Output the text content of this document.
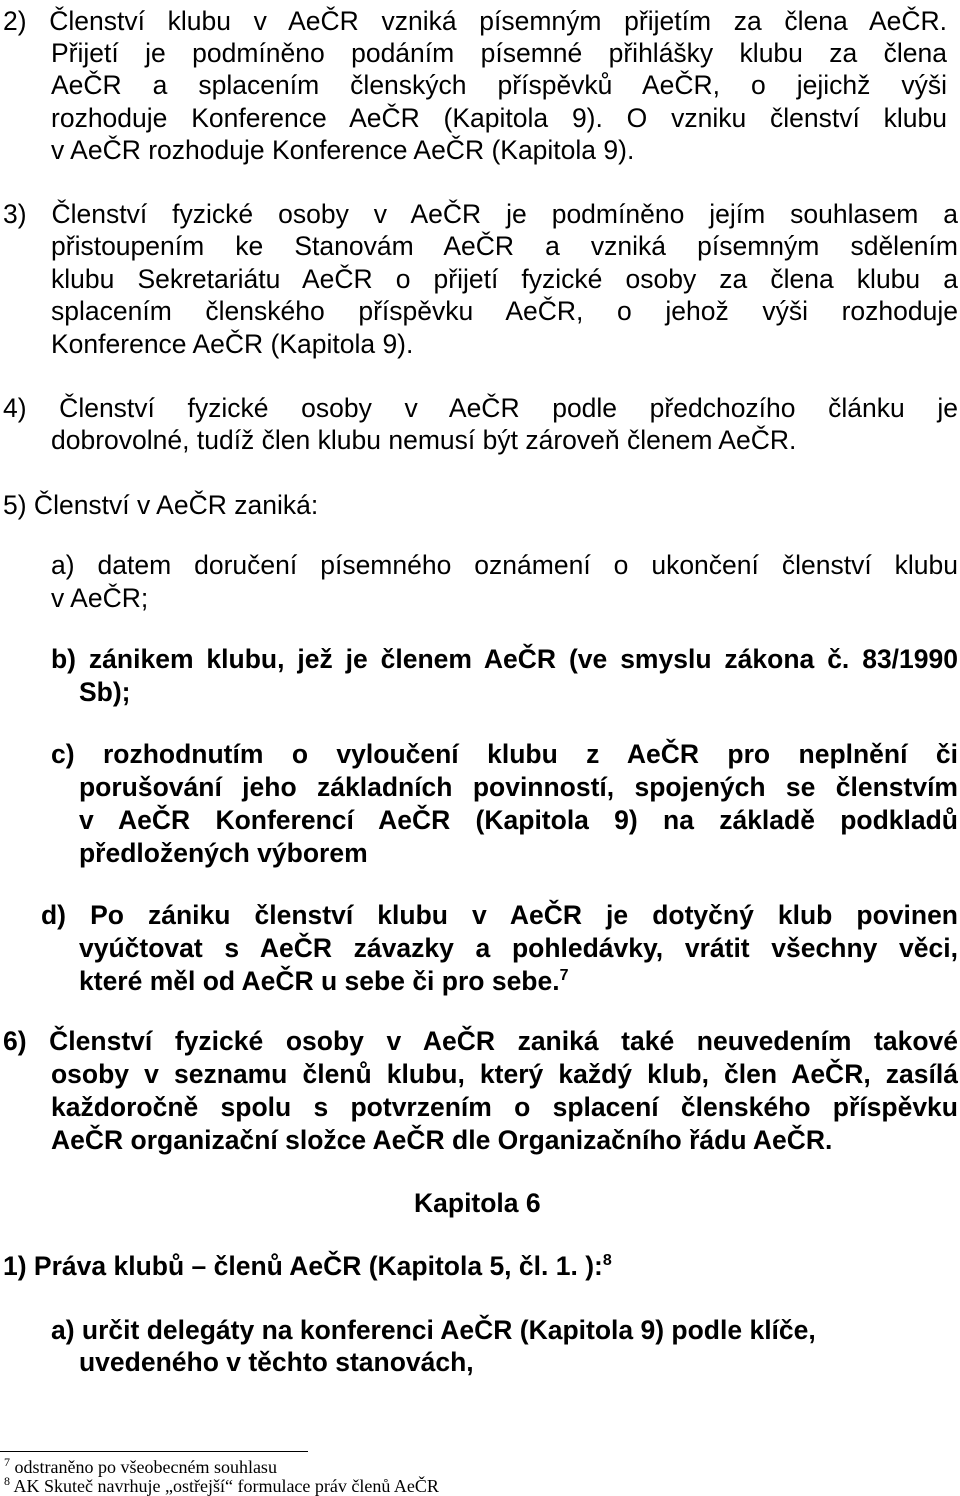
2) Členství klubu v AeČR vzniká písemným přijetím za člena AeČR.
Přijetí je podmíněno podáním písemné přihlášky klubu za člena
AeČR a splacením členských příspěvků AeČR, o jejichž výši
rozhoduje Konference AeČR (Kapitola 9). O vzniku členství klubu
v AeČR rozhoduje Konference AeČR (Kapitola 9).
3) Členství fyzické osoby v AeČR je podmíněno jejím souhlasem a
přistoupením ke Stanovám AeČR a vzniká písemným sdělením
klubu Sekretariátu AeČR o přijetí fyzické osoby za člena klubu a
splacením členského příspěvku AeČR, o jehož výši rozhoduje
Konference AeČR (Kapitola 9).
4) Členství fyzické osoby v AeČR podle předchozího článku je
dobrovolné, tudíž člen klubu nemusí být zároveň členem AeČR.
5) Členství v AeČR zaniká:
a) datem doručení písemného oznámení o ukončení členství klubu
v AeČR;
b) zánikem klubu, jež je členem AeČR (ve smyslu zákona č. 83/1990
Sb);
c) rozhodnutím o vyloučení klubu z AeČR pro neplnění či
porušování jeho základních povinností, spojených se členstvím
v AeČR Konferencí AeČR (Kapitola 9) na základě podkladů
předložených výborem
d) Po zániku členství klubu v AeČR je dotyčný klub povinen
vyúčtovat s AeČR závazky a pohledávky, vrátit všechny věci,
které měl od AeČR u sebe či pro sebe.$^7$
6) Členství fyzické osoby v AeČR zaniká také neuvedením takové
osoby v seznamu členů klubu, který každý klub, člen AeČR, zasílá
každoročně spolu s potvrzením o splacení členského příspěvku
AeČR organizační složce AeČR dle Organizačního řádu AeČR.
Kapitola 6
1) Práva klubů – členů AeČR (Kapitola 5, čl. 1. ):$^8$
a) určit delegáty na konferenci AeČR (Kapitola 9) podle klíče,
uvedeného v těchto stanovách,
$^7$ odstraněno po všeobecném souhlasu
$^8$ AK Skuteč navrhuje „ostřejší“ formulace práv členů AeČR
